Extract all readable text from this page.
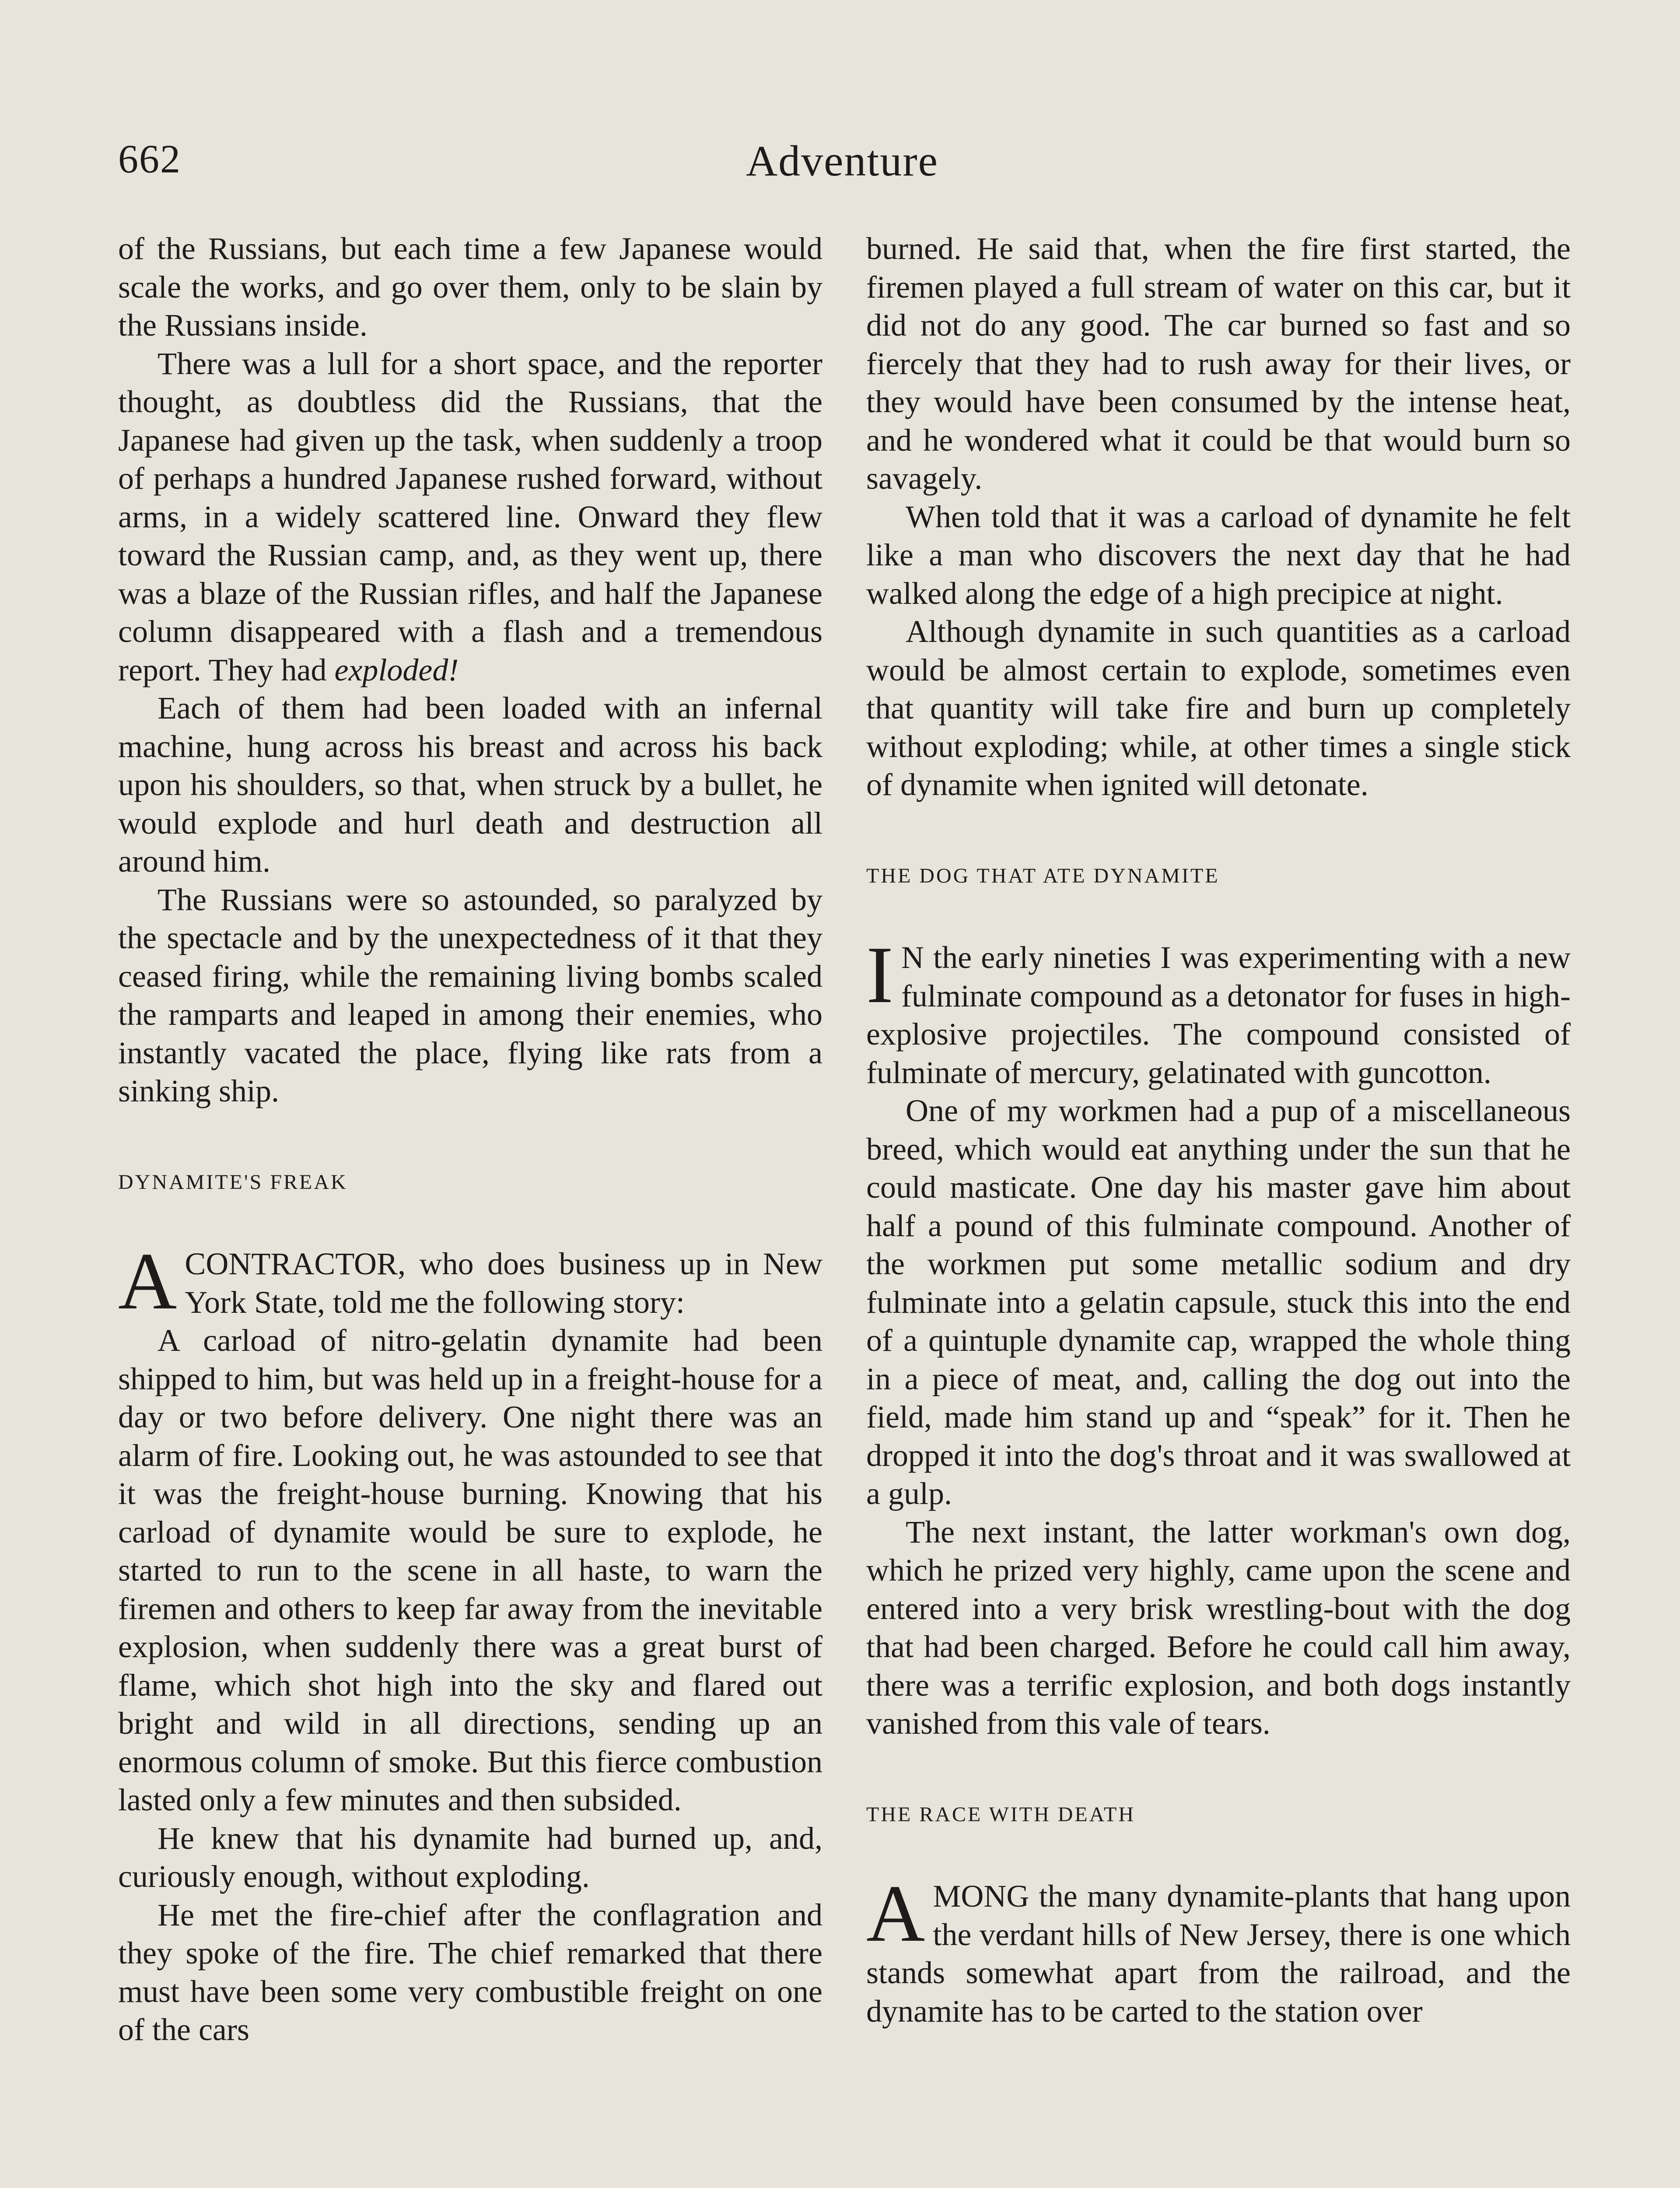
662	Adventure

of the Russians, but each time a few Japanese would scale the works, and go over them, only to be slain by the Russians inside.

There was a lull for a short space, and the reporter thought, as doubtless did the Russians, that the Japanese had given up the task, when suddenly a troop of perhaps a hundred Japanese rushed forward, without arms, in a widely scattered line. Onward they flew toward the Russian camp, and, as they went up, there was a blaze of the Russian rifles, and half the Japanese column disappeared with a flash and a tremendous report. They had exploded!

Each of them had been loaded with an infernal machine, hung across his breast and across his back upon his shoulders, so that, when struck by a bullet, he would explode and hurl death and destruction all around him.

The Russians were so astounded, so paralyzed by the spectacle and by the unexpectedness of it that they ceased firing, while the remaining living bombs scaled the ramparts and leaped in among their enemies, who instantly vacated the place, flying like rats from a sinking ship.

DYNAMITE'S FREAK

A CONTRACTOR, who does business up in New York State, told me the following story:

A carload of nitro-gelatin dynamite had been shipped to him, but was held up in a freight-house for a day or two before delivery. One night there was an alarm of fire. Looking out, he was astounded to see that it was the freight-house burning. Knowing that his carload of dynamite would be sure to explode, he started to run to the scene in all haste, to warn the firemen and others to keep far away from the inevitable explosion, when suddenly there was a great burst of flame, which shot high into the sky and flared out bright and wild in all directions, sending up an enormous column of smoke. But this fierce combustion lasted only a few minutes and then subsided.

He knew that his dynamite had burned up, and, curiously enough, without exploding.

He met the fire-chief after the conflagration and they spoke of the fire. The chief remarked that there must have been some very combustible freight on one of the cars

burned. He said that, when the fire first started, the firemen played a full stream of water on this car, but it did not do any good. The car burned so fast and so fiercely that they had to rush away for their lives, or they would have been consumed by the intense heat, and he wondered what it could be that would burn so savagely.

When told that it was a carload of dynamite he felt like a man who discovers the next day that he had walked along the edge of a high precipice at night.

Although dynamite in such quantities as a carload would be almost certain to explode, sometimes even that quantity will take fire and burn up completely without exploding; while, at other times a single stick of dynamite when ignited will detonate.

THE DOG THAT ATE DYNAMITE

I N the early nineties I was experimenting with a new fulminate compound as a detonator for fuses in high-explosive projectiles. The compound consisted of fulminate of mercury, gelatinated with guncotton.

One of my workmen had a pup of a miscellaneous breed, which would eat anything under the sun that he could masticate. One day his master gave him about half a pound of this fulminate compound. Another of the workmen put some metallic sodium and dry fulminate into a gelatin capsule, stuck this into the end of a quintuple dynamite cap, wrapped the whole thing in a piece of meat, and, calling the dog out into the field, made him stand up and “speak” for it. Then he dropped it into the dog's throat and it was swallowed at a gulp.

The next instant, the latter workman's own dog, which he prized very highly, came upon the scene and entered into a very brisk wrestling-bout with the dog that had been charged. Before he could call him away, there was a terrific explosion, and both dogs instantly vanished from this vale of tears.

THE RACE WITH DEATH

AMONG the many dynamite-plants that hang upon the verdant hills of New Jersey, there is one which stands somewhat apart from the railroad, and the dynamite has to be carted to the station over
